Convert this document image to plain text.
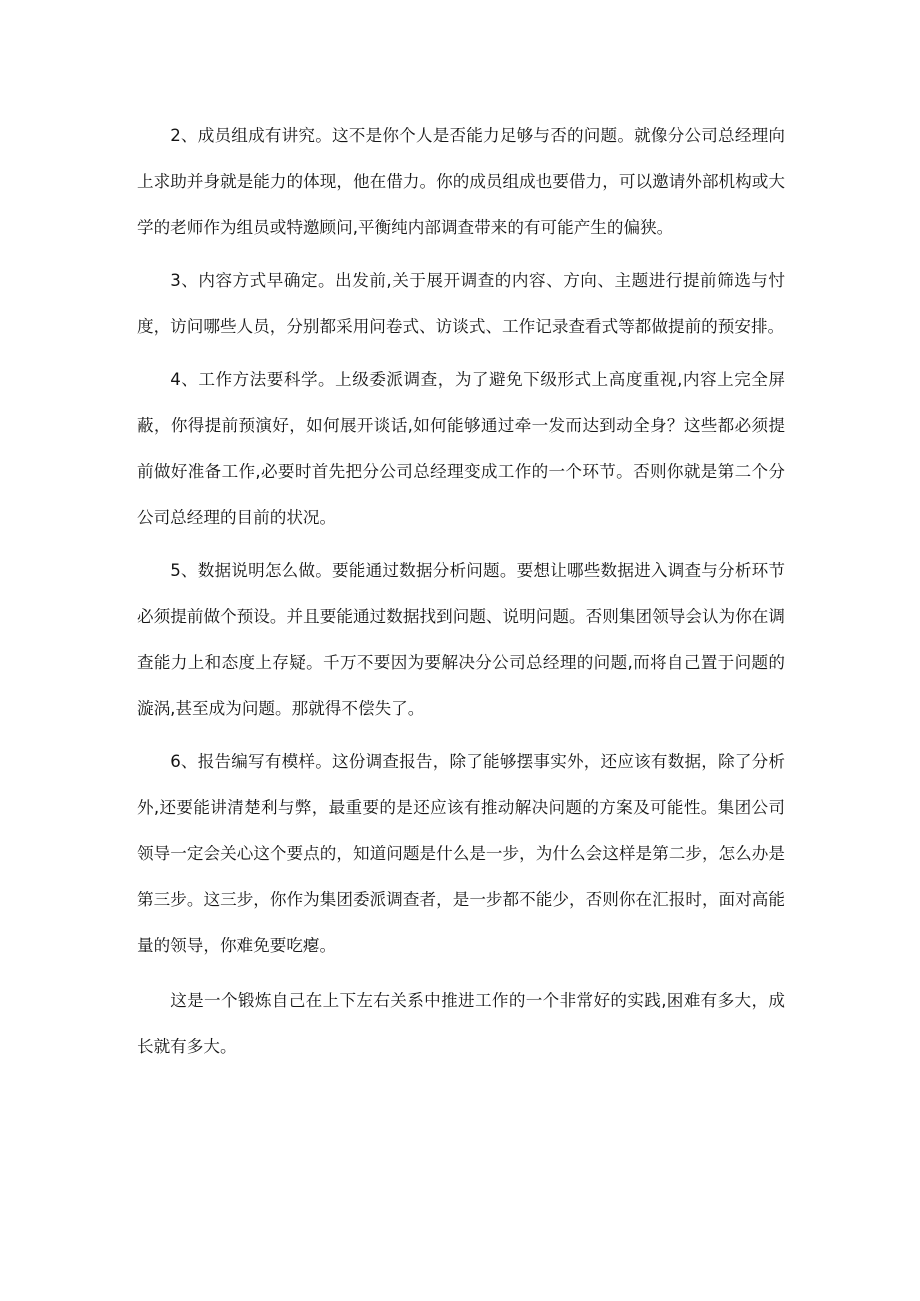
2、成员组成有讲究。这不是你个人是否能力足够与否的问题。就像分公司总经理向上求助并身就是能力的体现，他在借力。你的成员组成也要借力，可以邀请外部机构或大学的老师作为组员或特邀顾问,平衡纯内部调查带来的有可能产生的偏狭。

3、内容方式早确定。出发前,关于展开调查的内容、方向、主题进行提前筛选与忖度，访问哪些人员，分别都采用问卷式、访谈式、工作记录查看式等都做提前的预安排。

4、工作方法要科学。上级委派调查，为了避免下级形式上高度重视,内容上完全屏蔽，你得提前预演好，如何展开谈话,如何能够通过牵一发而达到动全身？这些都必须提前做好准备工作,必要时首先把分公司总经理变成工作的一个环节。否则你就是第二个分公司总经理的目前的状况。

5、数据说明怎么做。要能通过数据分析问题。要想让哪些数据进入调查与分析环节必须提前做个预设。并且要能通过数据找到问题、说明问题。否则集团领导会认为你在调查能力上和态度上存疑。千万不要因为要解决分公司总经理的问题,而将自己置于问题的漩涡,甚至成为问题。那就得不偿失了。

6、报告编写有模样。这份调查报告，除了能够摆事实外，还应该有数据，除了分析外,还要能讲清楚利与弊，最重要的是还应该有推动解决问题的方案及可能性。集团公司领导一定会关心这个要点的，知道问题是什么是一步，为什么会这样是第二步，怎么办是第三步。这三步，你作为集团委派调查者，是一步都不能少，否则你在汇报时，面对高能量的领导，你难免要吃瘪。

这是一个锻炼自己在上下左右关系中推进工作的一个非常好的实践,困难有多大，成长就有多大。
